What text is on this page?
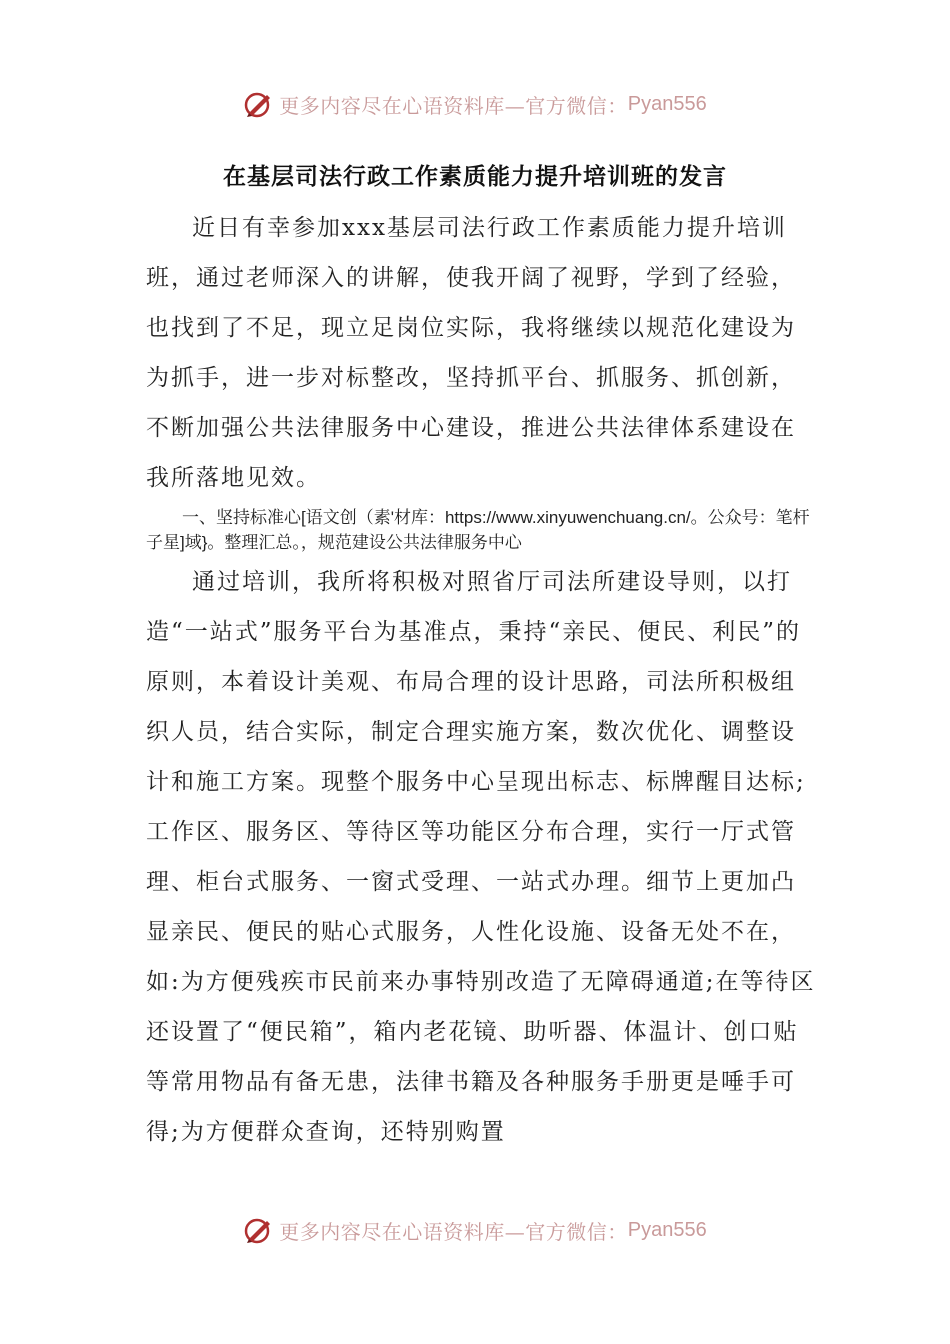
更多内容尽在心语资料库—官方微信： Pyan556
在基层司法行政工作素质能力提升培训班的发言

近日有幸参加xxx基层司法行政工作素质能力提升培训班，通过老师深入的讲解，使我开阔了视野，学到了经验，也找到了不足，现立足岗位实际，我将继续以规范化建设为为抓手，进一步对标整改，坚持抓平台、抓服务、抓创新，不断加强公共法律服务中心建设，推进公共法律体系建设在我所落地见效。

一、坚持标准心[语文创（素'材库：https://www.xinyuwenchuang.cn/。公众号：笔杆子星]域}。整理汇总。，规范建设公共法律服务中心

通过培训，我所将积极对照省厅司法所建设导则，以打造“一站式”服务平台为基准点，秉持“亲民、便民、利民”的原则，本着设计美观、布局合理的设计思路，司法所积极组织人员，结合实际，制定合理实施方案，数次优化、调整设计和施工方案。现整个服务中心呈现出标志、标牌醒目达标;工作区、服务区、等待区等功能区分布合理，实行一厅式管理、柜台式服务、一窗式受理、一站式办理。细节上更加凸显亲民、便民的贴心式服务，人性化设施、设备无处不在，如:为方便残疾市民前来办事特别改造了无障碍通道;在等待区还设置了“便民箱”，箱内老花镜、助听器、体温计、创口贴等常用物品有备无患，法律书籍及各种服务手册更是唾手可得;为方便群众查询，还特别购置

更多内容尽在心语资料库—官方微信： Pyan556
